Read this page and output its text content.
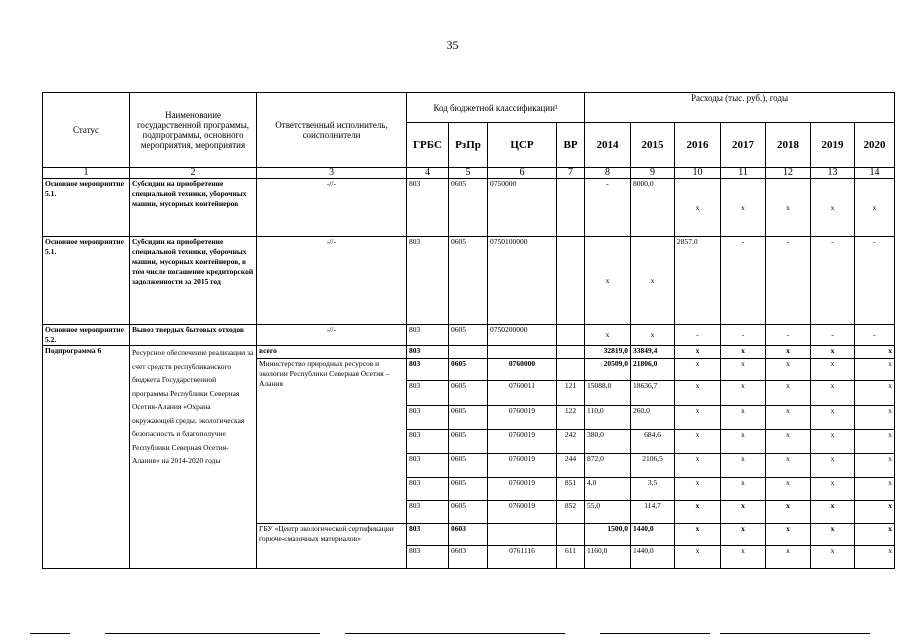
35
Статус	Наименование государственной программы, подпрограммы, основного мероприятия, мероприятия	Ответственный исполнитель, соисполнители	Код бюджетной классификации¹				Расходы (тыс. руб.), годы						
			ГРБС	РзПр	ЦСР	ВР	2014	2015	2016	2017	2018	2019	2020
1	2	3	4	5	6	7	8	9	10	11	12	13	14
Основное мероприятие 5.1.	Субсидии на приобретение специальной техники, уборочных машин, мусорных контейнеров	-//-	803	0605	0750000		-	8000,0	x	x	x	x	x
Основное мероприятие 5.1.	Субсидии на приобретение специальной техники, уборочных машин, мусорных контейнеров, в том числе погашение кредиторской задолженности за 2015 год	-//-	803	0605	0750100000		x	x	2857,0	-	-	-	-
Основное мероприятие 5.2.	Вывоз твердых бытовых отходов	-//-	803	0605	0750200000		x	x	-	-	-	-	-
Подпрограмма 6	Ресурсное обеспечение реализации за счет средств республиканского бюджета Государственной программы Республики Северная Осетия-Алания «Охрана окружающей среды, экологическая безопасность и благополучие Республики Северная Осетия-Алания» на 2014-2020 годы	всего	803				32819,0	33849,4	x	x	x	x	x
		Министерство природных ресурсов и экологии Республики Северная Осетия – Алания	803	0605	0760000		20509,0	21806,0	x	x	x	x	x
			803	0605	0760011	121	15088,0	18636,7	x	x	x	x	x
			803	0605	0760019	122	110,0	260,0	x	x	x	x	x
			803	0605	0760019	242	380,0	684,6	x	x	x	x	x
			803	0605	0760019	244	872,0	2106,5	x	x	x	x	x
			803	0605	0760019	851	4,0	3,5	x	x	x	x	x
			803	0605	0760019	852	55,0	114,7	x	x	x	x	x
		ГБУ «Центр экологической сертификации горюче-смазочных материалов»	803	0603			1500,0	1440,0	x	x	x	x	x
			803	0603	0761116	611	1160,0	1440,0	x	x	x	x	x
